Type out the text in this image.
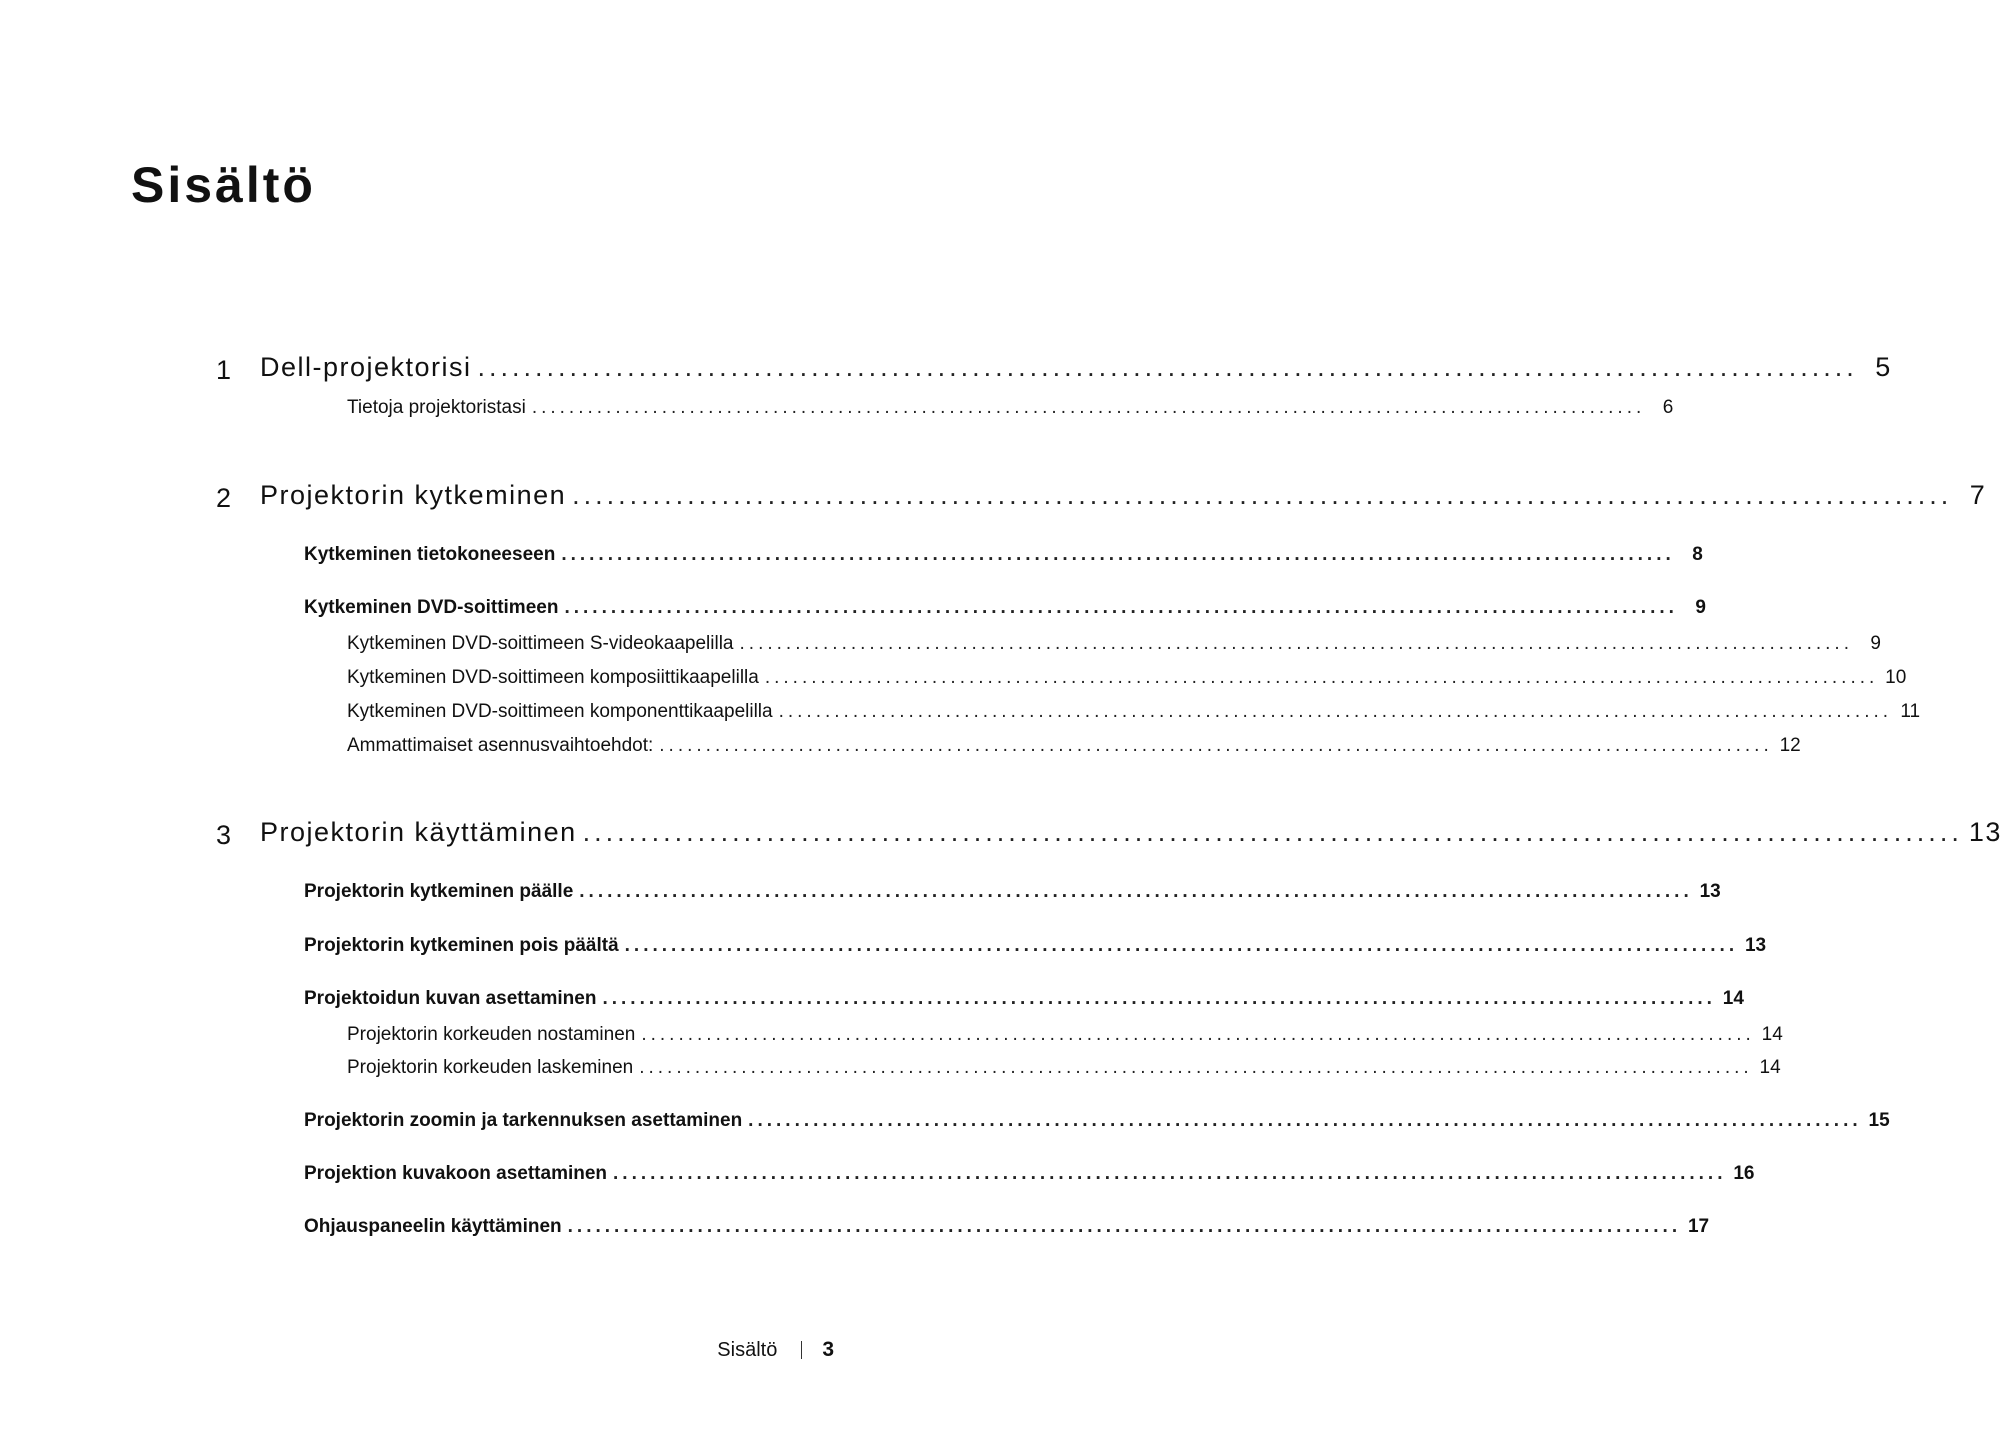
Sisältö
1 Dell-projektorisi ........................................................................................................................ 5
Tietoja projektoristasi ........................................................................................................................ 6
2 Projektorin kytkeminen ........................................................................................................................ 7
Kytkeminen tietokoneeseen ........................................................................................................................ 8
Kytkeminen DVD-soittimeen ........................................................................................................................ 9
Kytkeminen DVD-soittimeen S-videokaapelilla ........................................................................................................................ 9
Kytkeminen DVD-soittimeen komposiittikaapelilla ........................................................................................................................ 10
Kytkeminen DVD-soittimeen komponenttikaapelilla ........................................................................................................................ 11
Ammattimaiset asennusvaihtoehdot: ........................................................................................................................ 12
3 Projektorin käyttäminen ........................................................................................................................ 13
Projektorin kytkeminen päälle ........................................................................................................................ 13
Projektorin kytkeminen pois päältä ........................................................................................................................ 13
Projektoidun kuvan asettaminen ........................................................................................................................ 14
Projektorin korkeuden nostaminen ........................................................................................................................ 14
Projektorin korkeuden laskeminen ........................................................................................................................ 14
Projektorin zoomin ja tarkennuksen asettaminen ........................................................................................................................ 15
Projektion kuvakoon asettaminen ........................................................................................................................ 16
Ohjauspaneelin käyttäminen ........................................................................................................................ 17
Sisältö 3
